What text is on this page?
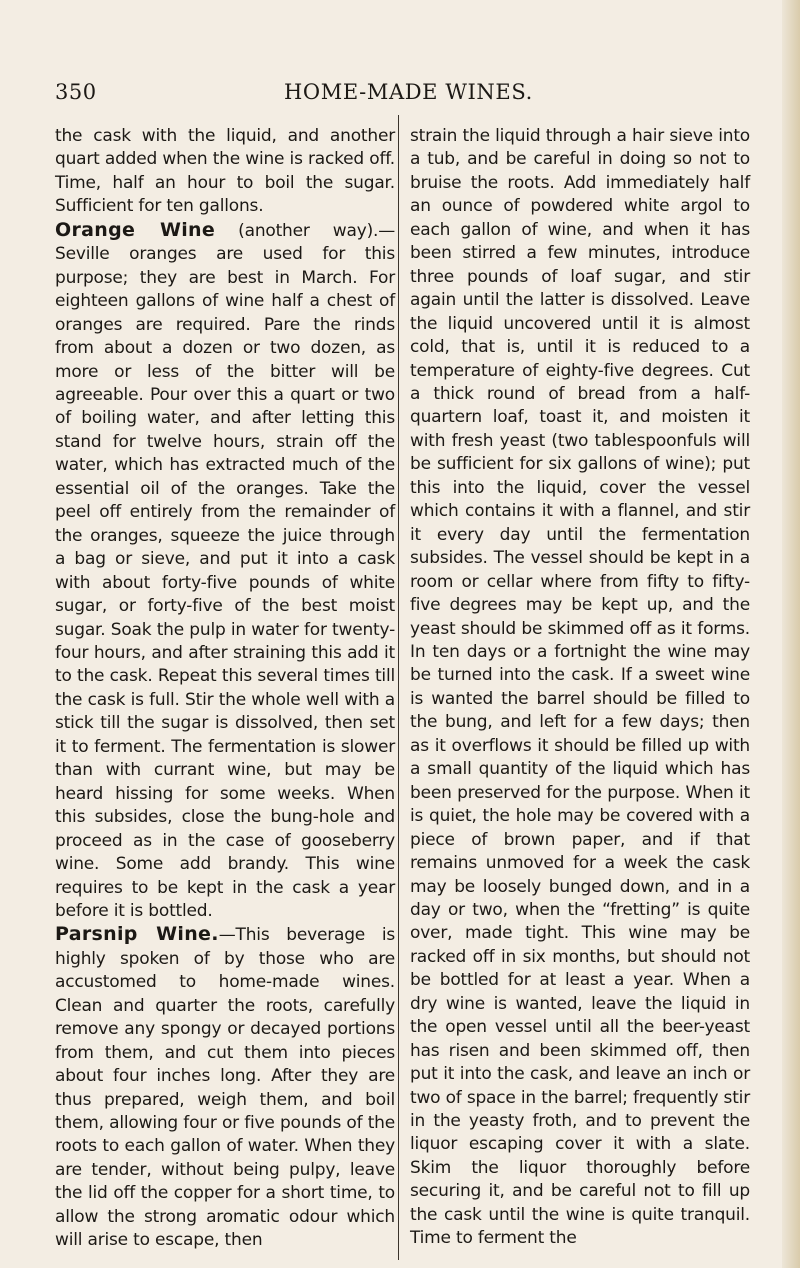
350	HOME-MADE WINES.

the cask with the liquid, and another quart added when the wine is racked off. Time, half an hour to boil the sugar. Sufficient for ten gallons.

Orange Wine (another way).— Seville oranges are used for this purpose; they are best in March. For eighteen gallons of wine half a chest of oranges are required. Pare the rinds from about a dozen or two dozen, as more or less of the bitter will be agreeable. Pour over this a quart or two of boiling water, and after letting this stand for twelve hours, strain off the water, which has extracted much of the essential oil of the oranges. Take the peel off entirely from the remainder of the oranges, squeeze the juice through a bag or sieve, and put it into a cask with about forty-five pounds of white sugar, or forty-five of the best moist sugar. Soak the pulp in water for twenty-four hours, and after straining this add it to the cask. Repeat this several times till the cask is full. Stir the whole well with a stick till the sugar is dissolved, then set it to ferment. The fermentation is slower than with currant wine, but may be heard hissing for some weeks. When this subsides, close the bung-hole and proceed as in the case of gooseberry wine. Some add brandy. This wine requires to be kept in the cask a year before it is bottled.

Parsnip Wine.—This beverage is highly spoken of by those who are accustomed to home-made wines. Clean and quarter the roots, carefully remove any spongy or decayed portions from them, and cut them into pieces about four inches long. After they are thus prepared, weigh them, and boil them, allowing four or five pounds of the roots to each gallon of water. When they are tender, without being pulpy, leave the lid off the copper for a short time, to allow the strong aromatic odour which will arise to escape, then

strain the liquid through a hair sieve into a tub, and be careful in doing so not to bruise the roots. Add immediately half an ounce of powdered white argol to each gallon of wine, and when it has been stirred a few minutes, introduce three pounds of loaf sugar, and stir again until the latter is dissolved. Leave the liquid uncovered until it is almost cold, that is, until it is reduced to a temperature of eighty-five degrees. Cut a thick round of bread from a half-quartern loaf, toast it, and moisten it with fresh yeast (two tablespoonfuls will be sufficient for six gallons of wine); put this into the liquid, cover the vessel which contains it with a flannel, and stir it every day until the fermentation subsides. The vessel should be kept in a room or cellar where from fifty to fifty-five degrees may be kept up, and the yeast should be skimmed off as it forms. In ten days or a fortnight the wine may be turned into the cask. If a sweet wine is wanted the barrel should be filled to the bung, and left for a few days; then as it overflows it should be filled up with a small quantity of the liquid which has been preserved for the purpose. When it is quiet, the hole may be covered with a piece of brown paper, and if that remains unmoved for a week the cask may be loosely bunged down, and in a day or two, when the “fretting” is quite over, made tight. This wine may be racked off in six months, but should not be bottled for at least a year. When a dry wine is wanted, leave the liquid in the open vessel until all the beer-yeast has risen and been skimmed off, then put it into the cask, and leave an inch or two of space in the barrel; frequently stir in the yeasty froth, and to prevent the liquor escaping cover it with a slate. Skim the liquor thoroughly before securing it, and be careful not to fill up the cask until the wine is quite tranquil. Time to ferment the
